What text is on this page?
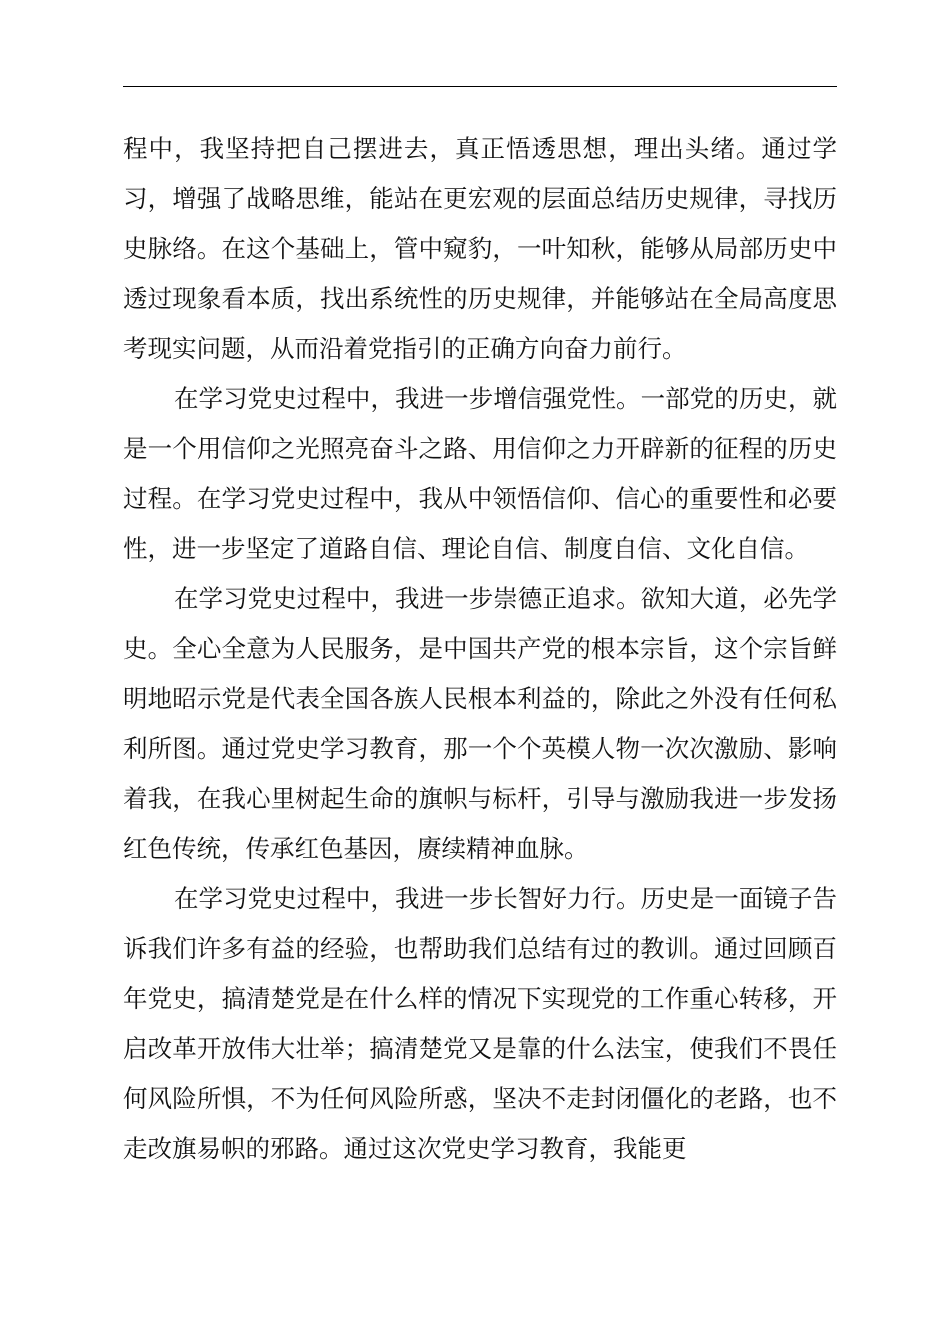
程中，我坚持把自己摆进去，真正悟透思想，理出头绪。通过学习，增强了战略思维，能站在更宏观的层面总结历史规律，寻找历史脉络。在这个基础上，管中窥豹，一叶知秋，能够从局部历史中透过现象看本质，找出系统性的历史规律，并能够站在全局高度思考现实问题，从而沿着党指引的正确方向奋力前行。

在学习党史过程中，我进一步增信强党性。一部党的历史，就是一个用信仰之光照亮奋斗之路、用信仰之力开辟新的征程的历史过程。在学习党史过程中，我从中领悟信仰、信心的重要性和必要性，进一步坚定了道路自信、理论自信、制度自信、文化自信。

在学习党史过程中，我进一步崇德正追求。欲知大道，必先学史。全心全意为人民服务，是中国共产党的根本宗旨，这个宗旨鲜明地昭示党是代表全国各族人民根本利益的，除此之外没有任何私利所图。通过党史学习教育，那一个个英模人物一次次激励、影响着我，在我心里树起生命的旗帜与标杆，引导与激励我进一步发扬红色传统，传承红色基因，赓续精神血脉。

在学习党史过程中，我进一步长智好力行。历史是一面镜子告诉我们许多有益的经验，也帮助我们总结有过的教训。通过回顾百年党史，搞清楚党是在什么样的情况下实现党的工作重心转移，开启改革开放伟大壮举；搞清楚党又是靠的什么法宝，使我们不畏任何风险所惧，不为任何风险所惑，坚决不走封闭僵化的老路，也不走改旗易帜的邪路。通过这次党史学习教育，我能更
